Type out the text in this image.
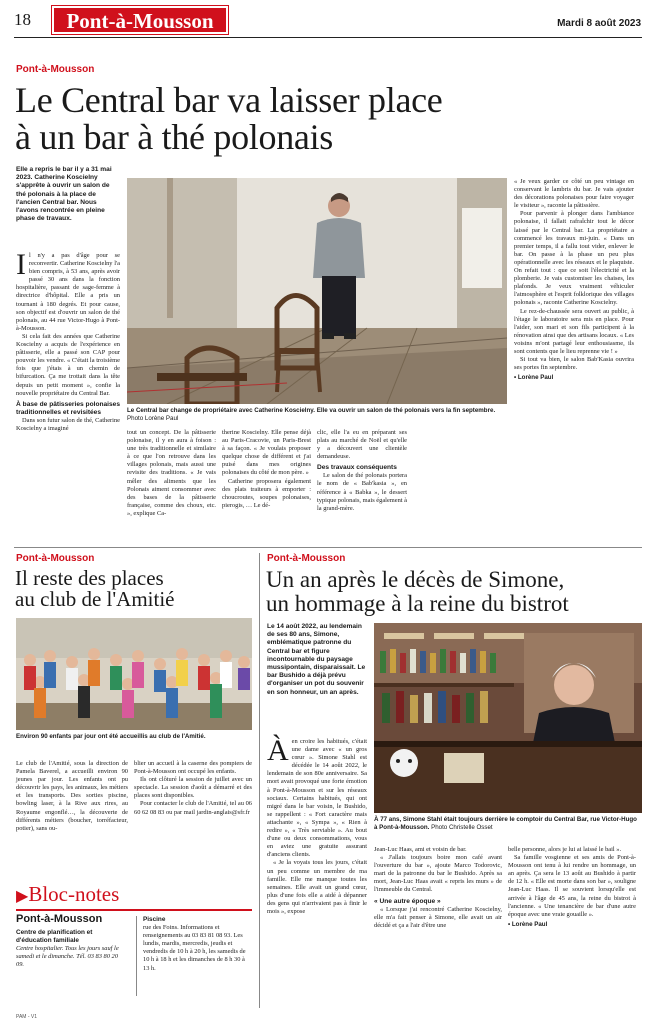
18	Pont-à-Mousson	Mardi 8 août 2023
Pont-à-Mousson
Le Central bar va laisser place
à un bar à thé polonais
Elle a repris le bar il y a 31 mai 2023. Catherine Koscielny s'apprête à ouvrir un salon de thé polonais à la place de l'ancien Central bar. Nous l'avons rencontrée en pleine phase de travaux.

Il n'y a pas d'âge pour se reconvertir. Catherine Koscielny l'a bien compris, à 53 ans, après avoir passé 30 ans dans la fonction hospitalière, passant de sage-femme à directrice d'hôpital. Elle a pris un tournant à 180 degrés. Et pour cause, son objectif est d'ouvrir un salon de thé polonais, au 44 rue Victor-Hugo à Pont-à-Mousson.

Si cela fait des années que Catherine Koscielny a acquis de l'expérience en pâtisserie, elle a passé son CAP pour pouvoir les vendre. « C'était la troisième fois que j'étais à un chemin de bifurcation. Ça me trottait dans la tête depuis un petit moment », confie la nouvelle propriétaire du Central Bar.

À base de pâtisseries polonaises traditionnelles et revisitées

Dans son futur salon de thé, Catherine Koscielny a imaginé

Le Central bar change de propriétaire avec Catherine Koscielny. Elle va ouvrir un salon de thé polonais vers la fin septembre. Photo Lorène Paul

tout un concept. De la pâtisserie polonaise, il y en aura à foison : une très traditionnelle et similaire à ce que l'on retrouve dans les villages polonais, mais aussi une revisite des traditions. « Je vais mêler des aliments que les Polonais aiment consommer avec des bases de la pâtisserie française, comme des choux, etc. », explique Ca-

therine Koscielny. Elle pense déjà au Paris-Cracovie, un Paris-Brest à sa façon. « Je voulais proposer quelque chose de différent et j'ai puisé dans mes origines polonaises du côté de mon père. »

Catherine proposera également des plats traiteurs à emporter : choucroutes, soupes polonaises, pierogis, … Le dé-

clic, elle l'a eu en préparant ses plats au marché de Noël et qu'elle y a découvert une clientèle demandeuse.

Des travaux conséquents

Le salon de thé polonais portera le nom de « Bab'kasia », en référence à « Babka », le dessert typique polonais, mais également à la grand-mère.

« Je veux garder ce côté un peu vintage en conservant le lambris du bar. Je vais ajouter des décorations polonaises pour faire voyager le visiteur », raconte la pâtissière.

Pour parvenir à plonger dans l'ambiance polonaise, il fallait rafraîchir tout le décor laissé par le Central bar. La propriétaire a commencé les travaux mi-juin. « Dans un premier temps, il a fallu tout vider, enlever le bar. On passe à la phase un peu plus opérationnelle avec les réseaux et le plaquiste. On refait tout : que ce soit l'électricité et la plomberie. Je vais customiser les chaises, les plafonds. Je veux vraiment véhiculer l'atmosphère et l'esprit folklorique des villages polonais », raconte Catherine Koscielny.

Le rez-de-chaussée sera ouvert au public, à l'étage le laboratoire sera mis en place. Pour l'aider, son mari et son fils participent à la rénovation ainsi que des artisans locaux. « Les voisins m'ont partagé leur enthousiasme, ils sont contents que le lieu reprenne vie ! »

Si tout va bien, le salon Bab'Kasia ouvrira ses portes fin septembre.

• Lorène Paul
Pont-à-Mousson
Il reste des places
au club de l'Amitié
Environ 90 enfants par jour ont été accueillis au club de l'Amitié.

Le club de l'Amitié, sous la direction de Pamela Baverel, a accueilli environ 90 jeunes par jour. Les enfants ont pu découvrir les pays, les animaux, les métiers et les transports. Des sorties piscine, bowling laser, à la Rive aux rires, au Royaume engonflé…, la découverte de différents métiers (boucher, torréfacteur, potier), sans ou-

blier un accueil à la caserne des pompiers de Pont-à-Mousson ont occupé les enfants.

Ils ont clôturé la session de juillet avec un spectacle. La session d'août a démarré et des places sont disponibles.

Pour contacter le club de l'Amitié, tel au 06 60 62 08 83 ou par mail jardin-anglais@sfr.fr

▶Bloc-notes
Pont-à-Mousson
Centre de planification et d'éducation familiale
Centre hospitalier. Tous les jours sauf le samedi et le dimanche. Tél. 03 83 80 20 09.
Piscine
rue des Foins. Informations et renseignements au 03 83 81 08 93. Les lundis, mardis, mercredis, jeudis et vendredis de 10 h à 20 h, les samedis de 10 h à 18 h et les dimanches de 8 h 30 à 13 h.
Pont-à-Mousson
Un an après le décès de Simone,
un hommage à la reine du bistrot
Le 14 août 2022, au lendemain de ses 80 ans, Simone, emblématique patronne du Central bar et figure incontournable du paysage mussipontain, disparaissait. Le bar Bushido a déjà prévu d'organiser un pot du souvenir en son honneur, un an après.

Àen croire les habitués, c'était une dame avec « un gros cœur ». Simone Stahl est décédée le 14 août 2022, le lendemain de son 80e anniversaire. Sa mort avait provoqué une forte émotion à Pont-à-Mousson et sur les réseaux sociaux. Certains habitués, qui ont migré dans le bar voisin, le Bushido, se rappellent : « Fort caractère mais attachante », « Sympa », « Rien à redire », « Très serviable ». Au bout d'une ou deux consommations, vous en aviez une gratuite assurant d'anciens clients.

« Je la voyais tous les jours, c'était un peu comme un membre de ma famille. Elle me manque toutes les semaines. Elle avait un grand cœur, plus d'une fois elle a aidé à dépanner des gens qui n'arrivaient pas à finir le mois », expose

À 77 ans, Simone Stahl était toujours derrière le comptoir du Central Bar, rue Victor-Hugo à Pont-à-Mousson. Photo Christelle Osset

Jean-Luc Haas, ami et voisin de bar.

« J'allais toujours boire mon café avant l'ouverture du bar », ajoute Marco Todorovic, mari de la patronne du bar le Bushido. Après sa mort, Jean-Luc Haas avait « repris les murs » de l'immeuble du Central.

« Une autre époque »

« Lorsque j'ai rencontré Catherine Koscielny, elle m'a fait penser à Simone, elle avait un air décidé et ça a l'air d'être une

belle personne, alors je lui ai laissé le bail ».

Sa famille vosgienne et ses amis de Pont-à-Mousson ont tenu à lui rendre un hommage, un an après. Ça sera le 13 août au Bushido à partir de 12 h. « Elle est morte dans son bar », souligne Jean-Luc Haas. Il se souvient lorsqu'elle est arrivée à l'âge de 45 ans, la reine du bistrot à l'ancienne. « Une tenancière de bar d'une autre époque avec une vraie gouaille ».

• Lorène Paul
PAM - V1
